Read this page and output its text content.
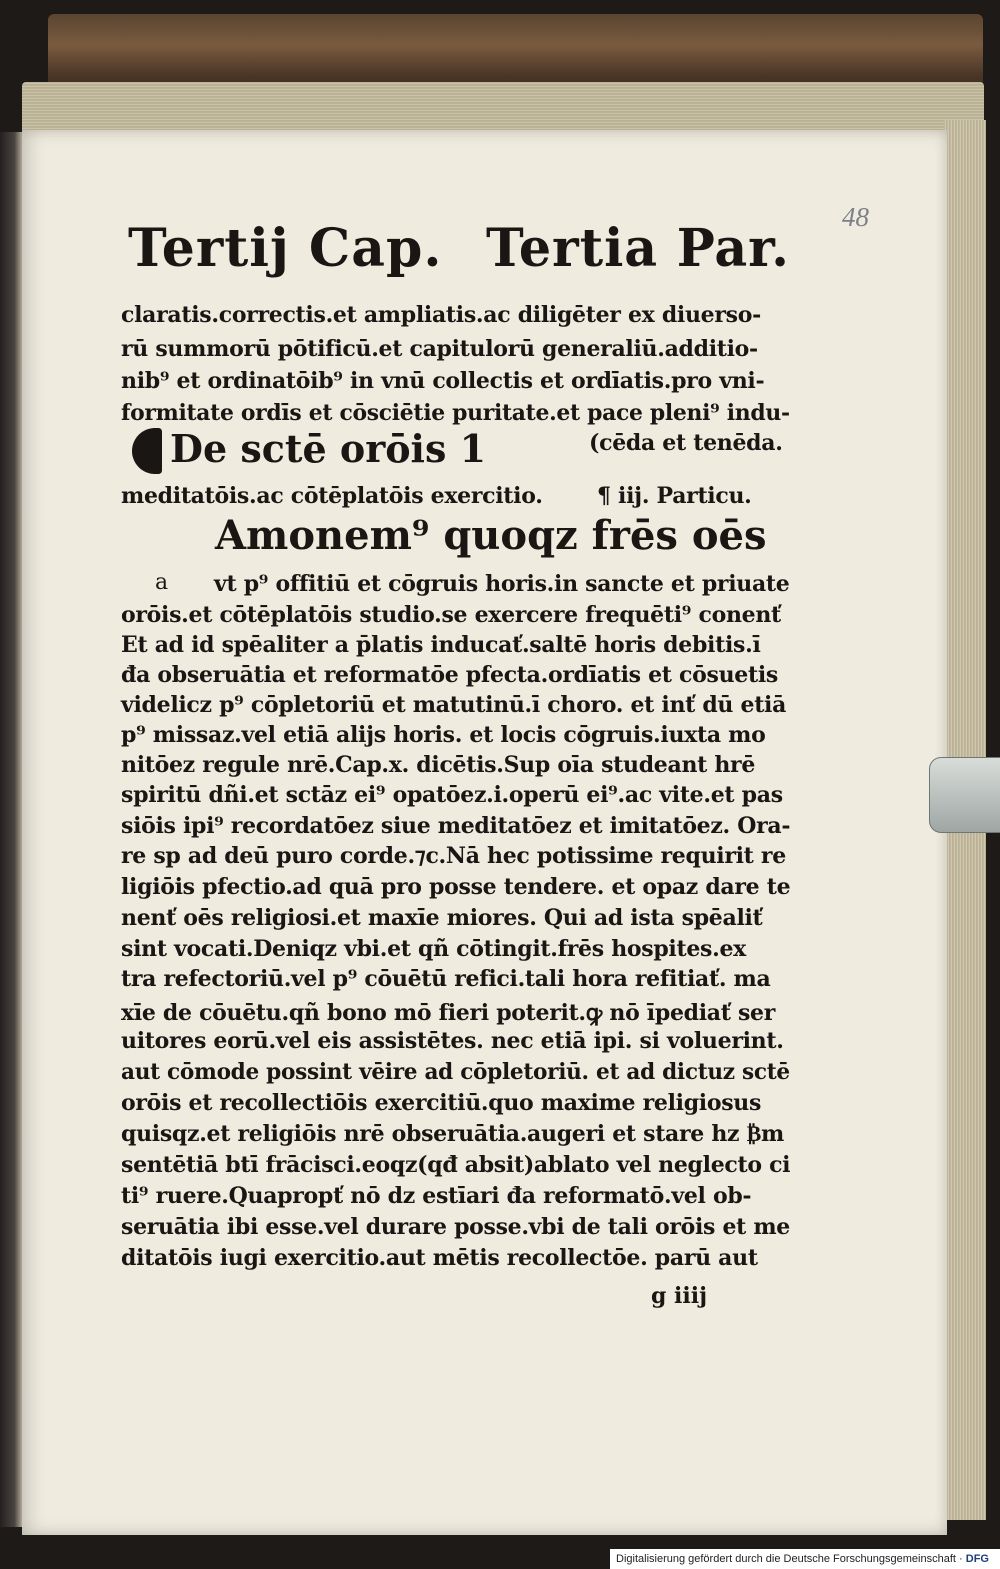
48
Tertij Cap. Tertia Par.
claratis.correctis.et ampliatis.ac diligēter ex diuerso-
rū summorū pōtificū.et capitulorū generaliū.additio-
nib⁹ et ordinatōib⁹ in vnū collectis et ordīatis.pro vni-
formitate ordīs et cōsciētie puritate.et pace pleni⁹ indu-
De sctē orōis 1	(cēda et tenēda.
meditatōis.ac cōtēplatōis exercitio. ¶ iij. Particu.
Amonem⁹ quoqz frēs oēs
a vt p⁹ offitiū et cōgruis horis.in sancte et priuate
orōis.et cōtēplatōis studio.se exercere frequēti⁹ conenť
Et ad id spēaliter a p̄latis inducať.saltē horis debitis.ī
đa obseruātia et reformatōe pfecta.ordīatis et cōsuetis
videlicz p⁹ cōpletoriū et matutinū.ī choro. et inť dū etiā
p⁹ missaz.vel etiā alijs horis. et locis cōgruis.iuxta mo
nitōez regule nrē.Cap.x. dicētis.Sup oīa studeant hrē
spiritū dñi.et sctāz ei⁹ opatōez.i.operū ei⁹.ac vite.et pas
siōis ipi⁹ recordatōez siue meditatōez et imitatōez. Ora-
re sp ad deū puro corde.⁊c.Nā hec potissime requirit re
ligiōis pfectio.ad quā pro posse tendere. et opaz dare te
nenť oēs religiosi.et maxīe miores. Qui ad ista spēaliť
sint vocati.Deniqz vbi.et qñ cōtingit.frēs hospites.ex
tra refectoriū.vel p⁹ cōuētū refici.tali hora refitiať. ma
xīe de cōuētu.qñ bono mō fieri poterit.ꝙ nō īpediať ser
uitores eorū.vel eis assistētes. nec etiā ipi. si voluerint.
aut cōmode possint vēire ad cōpletoriū. et ad dictuz sctē
orōis et recollectiōis exercitiū.quo maxime religiosus
quisqz.et religiōis nrē obseruātia.augeri et stare hz ₿m
sentētiā btī frācisci.eoqz(qđ absit)ablato vel neglecto ci
ti⁹ ruere.Quapropť nō dz estīari đa reformatō.vel ob-
seruātia ibi esse.vel durare posse.vbi de tali orōis et me
ditatōis iugi exercitio.aut mētis recollectōe. parū aut
g iiij
Digitalisierung gefördert durch die Deutsche Forschungsgemeinschaft · DFG
